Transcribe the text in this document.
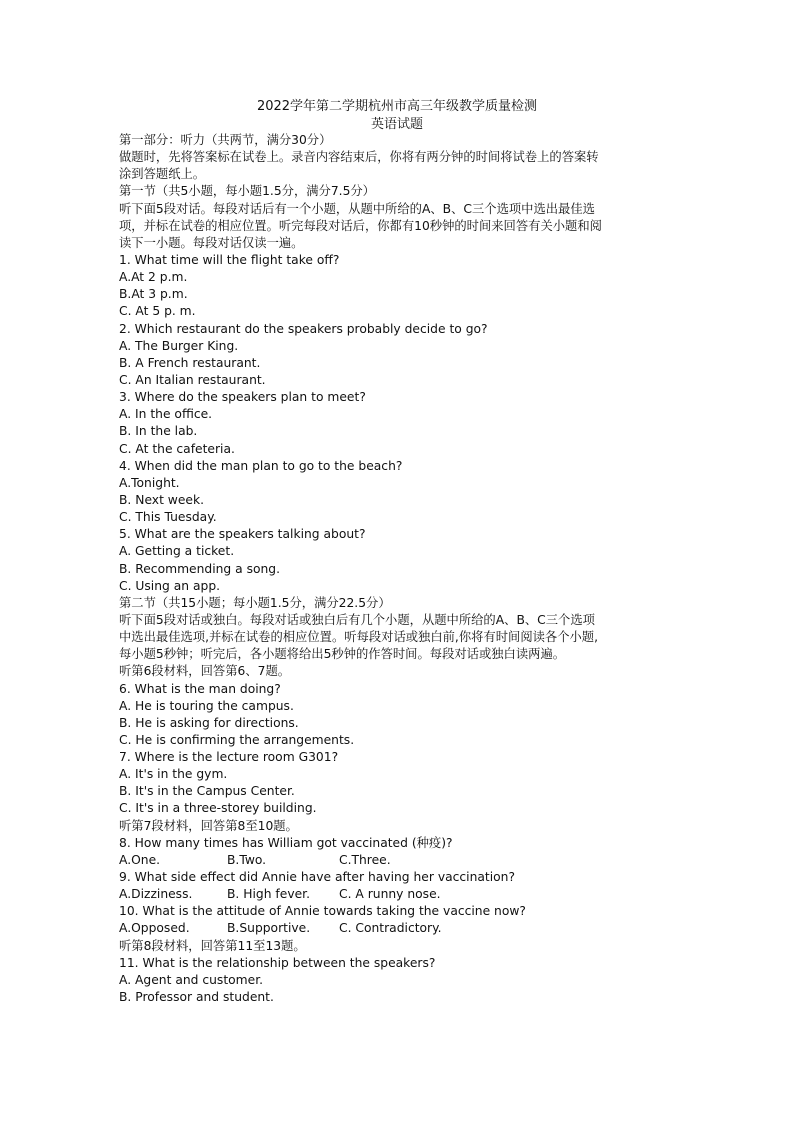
2022学年第二学期杭州市高三年级教学质量检测
英语试题
第一部分：听力（共两节，满分30分）
做题时，先将答案标在试卷上。录音内容结束后，你将有两分钟的时间将试卷上的答案转
涂到答题纸上。
第一节（共5小题，每小题1.5分，满分7.5分）
听下面5段对话。每段对话后有一个小题，从题中所给的A、B、C三个选项中选出最佳选
项，并标在试卷的相应位置。听完每段对话后，你都有10秒钟的时间来回答有关小题和阅
读下一小题。每段对话仅读一遍。
1. What time will the flight take off?
A.At 2 p.m.
B.At 3 p.m.
C. At 5 p. m.
2. Which restaurant do the speakers probably decide to go?
A. The Burger King.
B. A French restaurant.
C. An Italian restaurant.
3. Where do the speakers plan to meet?
A. In the office.
B. In the lab.
C. At the cafeteria.
4. When did the man plan to go to the beach?
A.Tonight.
B. Next week.
C. This Tuesday.
5. What are the speakers talking about?
A. Getting a ticket.
B. Recommending a song.
C. Using an app.
第二节（共15小题；每小题1.5分，满分22.5分）
听下面5段对话或独白。每段对话或独白后有几个小题，从题中所给的A、B、C三个选项
中选出最佳选项,并标在试卷的相应位置。听每段对话或独白前,你将有时间阅读各个小题,
每小题5秒钟；听完后，各小题将给出5秒钟的作答时间。每段对话或独白读两遍。
听第6段材料，回答第6、7题。
6. What is the man doing?
A. He is touring the campus.
B. He is asking for directions.
C. He is confirming the arrangements.
7. Where is the lecture room G301?
A. It's in the gym.
B. It's in the Campus Center.
C. It's in a three-storey building.
听第7段材料，回答第8至10题。
8. How many times has William got vaccinated (种疫)?
A.One.	B.Two.	C.Three.
9. What side effect did Annie have after having her vaccination?
A.Dizziness.	B. High fever. C. A runny nose.
10. What is the attitude of Annie towards taking the vaccine now?
A.Opposed.	B.Supportive. C. Contradictory.
听第8段材料，回答第11至13题。
11. What is the relationship between the speakers?
A. Agent and customer.
B. Professor and student.
